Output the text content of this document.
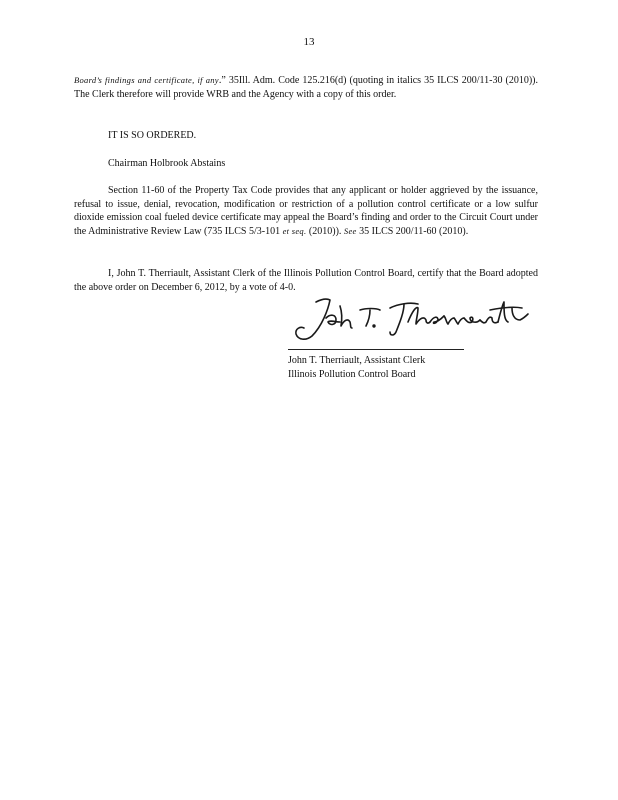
13
Board’s findings and certificate, if any.” 35Ill. Adm. Code 125.216(d) (quoting in italics 35 ILCS 200/11-30 (2010)). The Clerk therefore will provide WRB and the Agency with a copy of this order.
IT IS SO ORDERED.
Chairman Holbrook Abstains
Section 11-60 of the Property Tax Code provides that any applicant or holder aggrieved by the issuance, refusal to issue, denial, revocation, modification or restriction of a pollution control certificate or a low sulfur dioxide emission coal fueled device certificate may appeal the Board’s finding and order to the Circuit Court under the Administrative Review Law (735 ILCS 5/3-101 et seq. (2010)). See 35 ILCS 200/11-60 (2010).
I, John T. Therriault, Assistant Clerk of the Illinois Pollution Control Board, certify that the Board adopted the above order on December 6, 2012, by a vote of 4-0.
John T. Therriault, Assistant Clerk
Illinois Pollution Control Board
